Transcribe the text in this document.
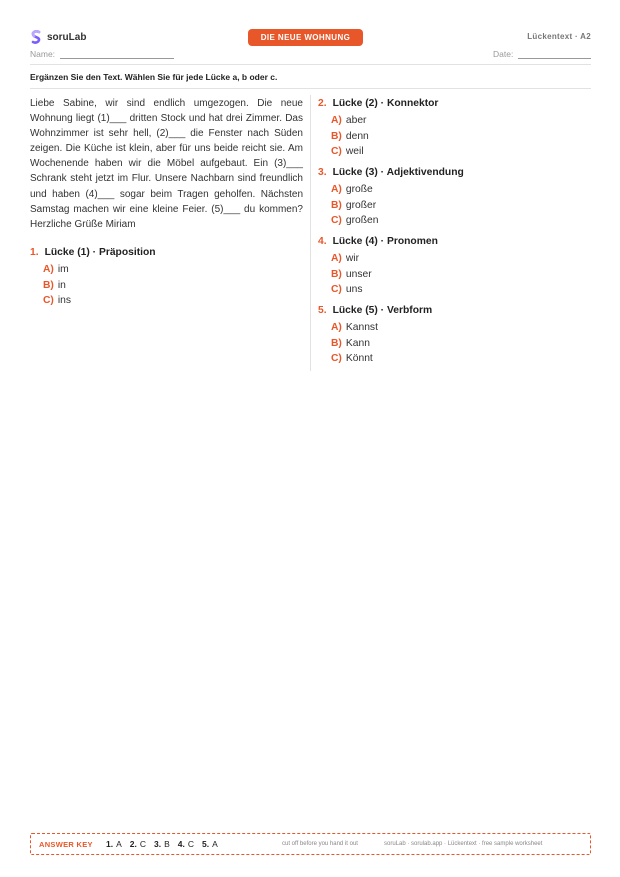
soruLab	DIE NEUE WOHNUNG	Lückentext · A2
Name:	Date:
Ergänzen Sie den Text. Wählen Sie für jede Lücke a, b oder c.
Liebe Sabine, wir sind endlich umgezogen. Die neue Wohnung liegt (1)___ dritten Stock und hat drei Zimmer. Das Wohnzimmer ist sehr hell, (2)___ die Fenster nach Süden zeigen. Die Küche ist klein, aber für uns beide reicht sie. Am Wochenende haben wir die Möbel aufgebaut. Ein (3)___ Schrank steht jetzt im Flur. Unsere Nachbarn sind freundlich und haben (4)___ sogar beim Tragen geholfen. Nächsten Samstag machen wir eine kleine Feier. (5)___ du kommen? Herzliche Grüße Miriam
1. Lücke (1) · Präposition
A) im
B) in
C) ins
2. Lücke (2) · Konnektor
A) aber
B) denn
C) weil
3. Lücke (3) · Adjektivendung
A) große
B) großer
C) großen
4. Lücke (4) · Pronomen
A) wir
B) unser
C) uns
5. Lücke (5) · Verbform
A) Kannst
B) Kann
C) Könnt
ANSWER KEY 1. A 2. C 3. B 4. C 5. A	cut off before you hand it out	soruLab · sorulab.app · Lückentext · free sample worksheet
